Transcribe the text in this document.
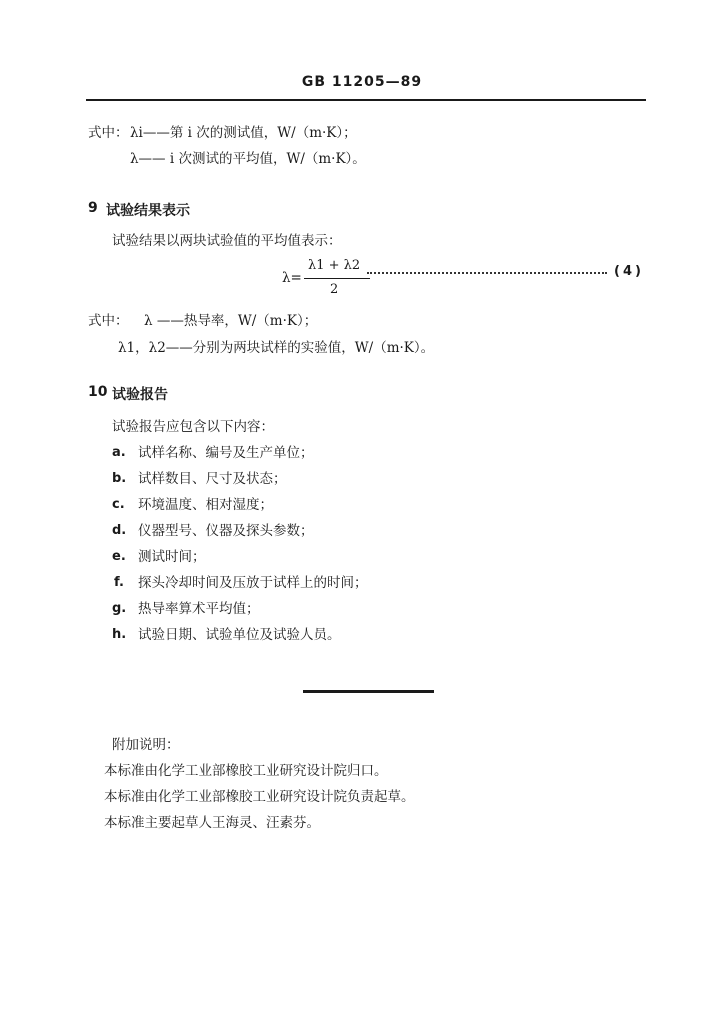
GB 11205—89
式中： λi——第 i 次的测试值，W/（m·K）；
λ—— i 次测试的平均值，W/（m·K）。
9 试验结果表示
试验结果以两块试验值的平均值表示：
λ=
λ1 + λ2
2
(4)
式中： λ ——热导率，W/（m·K）；
λ1，λ2——分别为两块试样的实验值，W/（m·K）。
10 试验报告
试验报告应包含以下内容：
a. 试样名称、编号及生产单位；
b. 试样数目、尺寸及状态；
c. 环境温度、相对湿度；
d. 仪器型号、仪器及探头参数；
e. 测试时间；
f. 探头冷却时间及压放于试样上的时间；
g. 热导率算术平均值；
h. 试验日期、试验单位及试验人员。
附加说明：
本标准由化学工业部橡胶工业研究设计院归口。
本标准由化学工业部橡胶工业研究设计院负责起草。
本标准主要起草人王海灵、汪素芬。
